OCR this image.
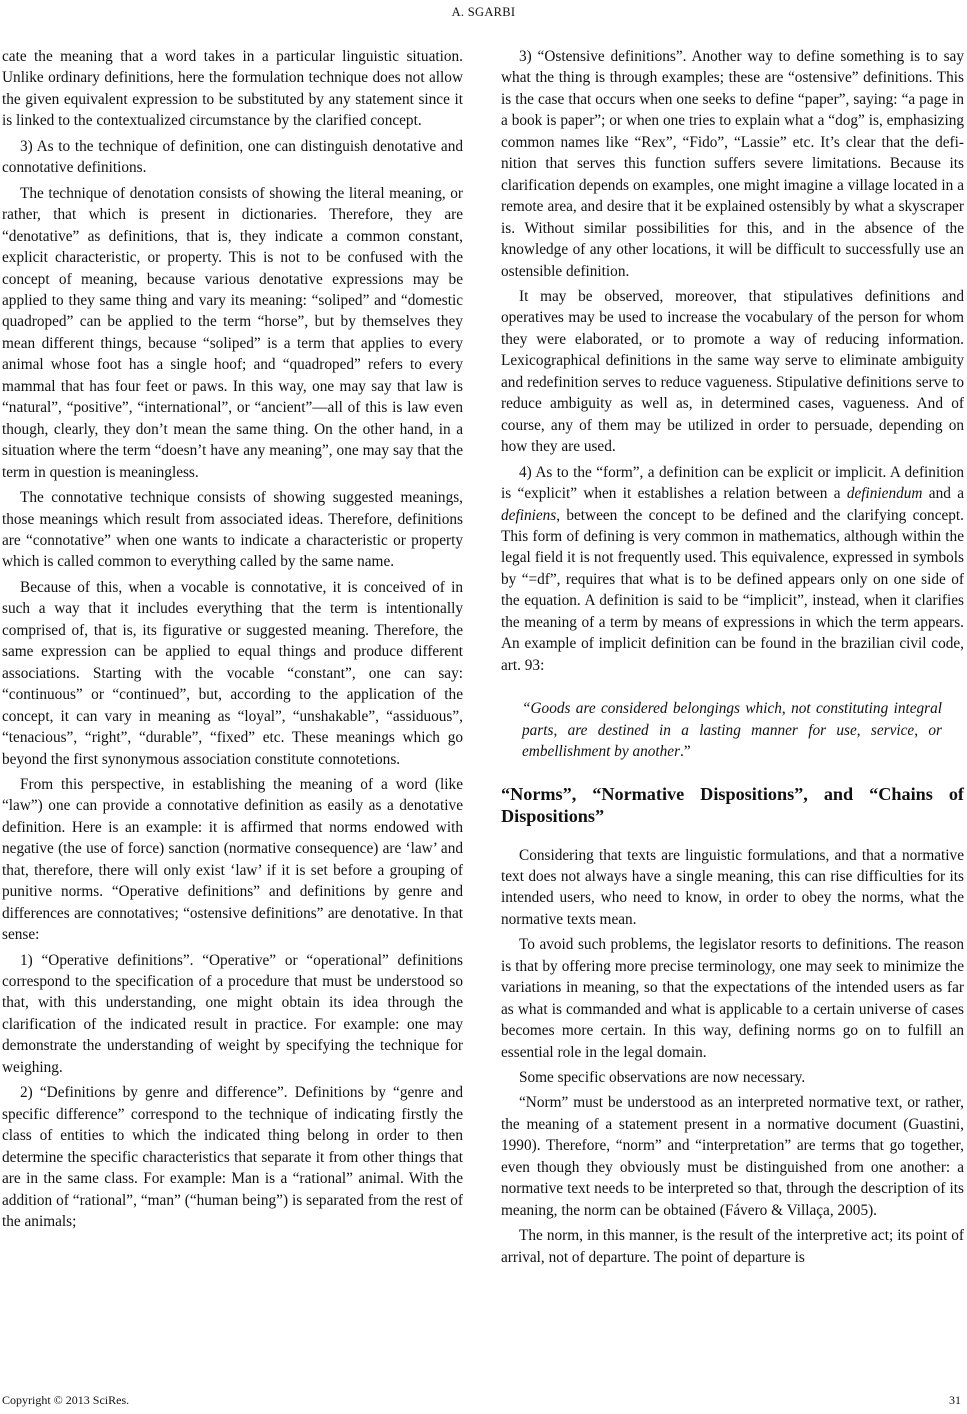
A. SGARBI

cate the meaning that a word takes in a particular linguistic situation. Unlike ordinary definitions, here the formulation technique does not allow the given equivalent expression to be substituted by any statement since it is linked to the contextualized circumstance by the clarified concept.

3) As to the technique of definition, one can distinguish denotative and connotative definitions.

The technique of denotation consists of showing the literal meaning, or rather, that which is present in dictionaries. Therefore, they are “denotative” as definitions, that is, they indicate a common constant, explicit characteristic, or property. This is not to be confused with the concept of meaning, because various denotative expressions may be applied to they same thing and vary its meaning: “soliped” and “domestic quadroped” can be applied to the term “horse”, but by themselves they mean different things, because “soliped” is a term that applies to every animal whose foot has a single hoof; and “quadroped” refers to every mammal that has four feet or paws. In this way, one may say that law is “natural”, “positive”, “international”, or “ancient”—all of this is law even though, clearly, they don’t mean the same thing. On the other hand, in a situation where the term “doesn’t have any meaning”, one may say that the term in question is meaningless.

The connotative technique consists of showing suggested meanings, those meanings which result from associated ideas. Therefore, definitions are “connotative” when one wants to indicate a characteristic or property which is called common to everything called by the same name.

Because of this, when a vocable is connotative, it is conceived of in such a way that it includes everything that the term is intentionally comprised of, that is, its figurative or suggested meaning. Therefore, the same expression can be applied to equal things and produce different associations. Starting with the vocable “constant”, one can say: “continuous” or “continued”, but, according to the application of the concept, it can vary in meaning as “loyal”, “unshakable”, “assiduous”, “tenacious”, “right”, “durable”, “fixed” etc. These meanings which go beyond the first synonymous association constitute connotetions.

From this perspective, in establishing the meaning of a word (like “law”) one can provide a connotative definition as easily as a denotative definition. Here is an example: it is affirmed that norms endowed with negative (the use of force) sanction (normative consequence) are ‘law’ and that, therefore, there will only exist ‘law’ if it is set before a grouping of punitive norms. “Operative definitions” and definitions by genre and differences are connotatives; “ostensive definitions” are denotative. In that sense:

1) “Operative definitions”. “Operative” or “operational” definitions correspond to the specification of a procedure that must be understood so that, with this understanding, one might obtain its idea through the clarification of the indicated result in practice. For example: one may demonstrate the understanding of weight by specifying the technique for weighing.

2) “Definitions by genre and difference”. Definitions by “genre and specific difference” correspond to the technique of indicating firstly the class of entities to which the indicated thing belong in order to then determine the specific characteristics that separate it from other things that are in the same class. For example: Man is a “rational” animal. With the addition of “rational”, “man” (“human being”) is separated from the rest of the animals;

3) “Ostensive definitions”. Another way to define something is to say what the thing is through examples; these are “ostensive” definitions. This is the case that occurs when one seeks to define “paper”, saying: “a page in a book is paper”; or when one tries to explain what a “dog” is, emphasizing common names like “Rex”, “Fido”, “Lassie” etc. It’s clear that the definition that serves this function suffers severe limitations. Because its clarification depends on examples, one might imagine a village located in a remote area, and desire that it be explained ostensibly by what a skyscraper is. Without similar possibilities for this, and in the absence of the knowledge of any other locations, it will be difficult to successfully use an ostensible definition.

It may be observed, moreover, that stipulatives definitions and operatives may be used to increase the vocabulary of the person for whom they were elaborated, or to promote a way of reducing information. Lexicographical definitions in the same way serve to eliminate ambiguity and redefinition serves to reduce vagueness. Stipulative definitions serve to reduce ambiguity as well as, in determined cases, vagueness. And of course, any of them may be utilized in order to persuade, depending on how they are used.

4) As to the “form”, a definition can be explicit or implicit. A definition is “explicit” when it establishes a relation between a definiendum and a definiens, between the concept to be defined and the clarifying concept. This form of defining is very common in mathematics, although within the legal field it is not frequently used. This equivalence, expressed in symbols by “=df”, requires that what is to be defined appears only on one side of the equation. A definition is said to be “implicit”, instead, when it clarifies the meaning of a term by means of expressions in which the term appears. An example of implicit definition can be found in the brazilian civil code, art. 93:

“Goods are considered belongings which, not constituting integral parts, are destined in a lasting manner for use, service, or embellishment by another.”
“Norms”, “Normative Dispositions”, and “Chains of Dispositions”

Considering that texts are linguistic formulations, and that a normative text does not always have a single meaning, this can rise difficulties for its intended users, who need to know, in order to obey the norms, what the normative texts mean.

To avoid such problems, the legislator resorts to definitions. The reason is that by offering more precise terminology, one may seek to minimize the variations in meaning, so that the expectations of the intended users as far as what is commanded and what is applicable to a certain universe of cases becomes more certain. In this way, defining norms go on to fulfill an essential role in the legal domain.

Some specific observations are now necessary.

“Norm” must be understood as an interpreted normative text, or rather, the meaning of a statement present in a normative document (Guastini, 1990). Therefore, “norm” and “interpretation” are terms that go together, even though they obviously must be distinguished from one another: a normative text needs to be interpreted so that, through the description of its meaning, the norm can be obtained (Fávero & Villaça, 2005).

The norm, in this manner, is the result of the interpretive act; its point of arrival, not of departure. The point of departure is

Copyright © 2013 SciRes.	31
